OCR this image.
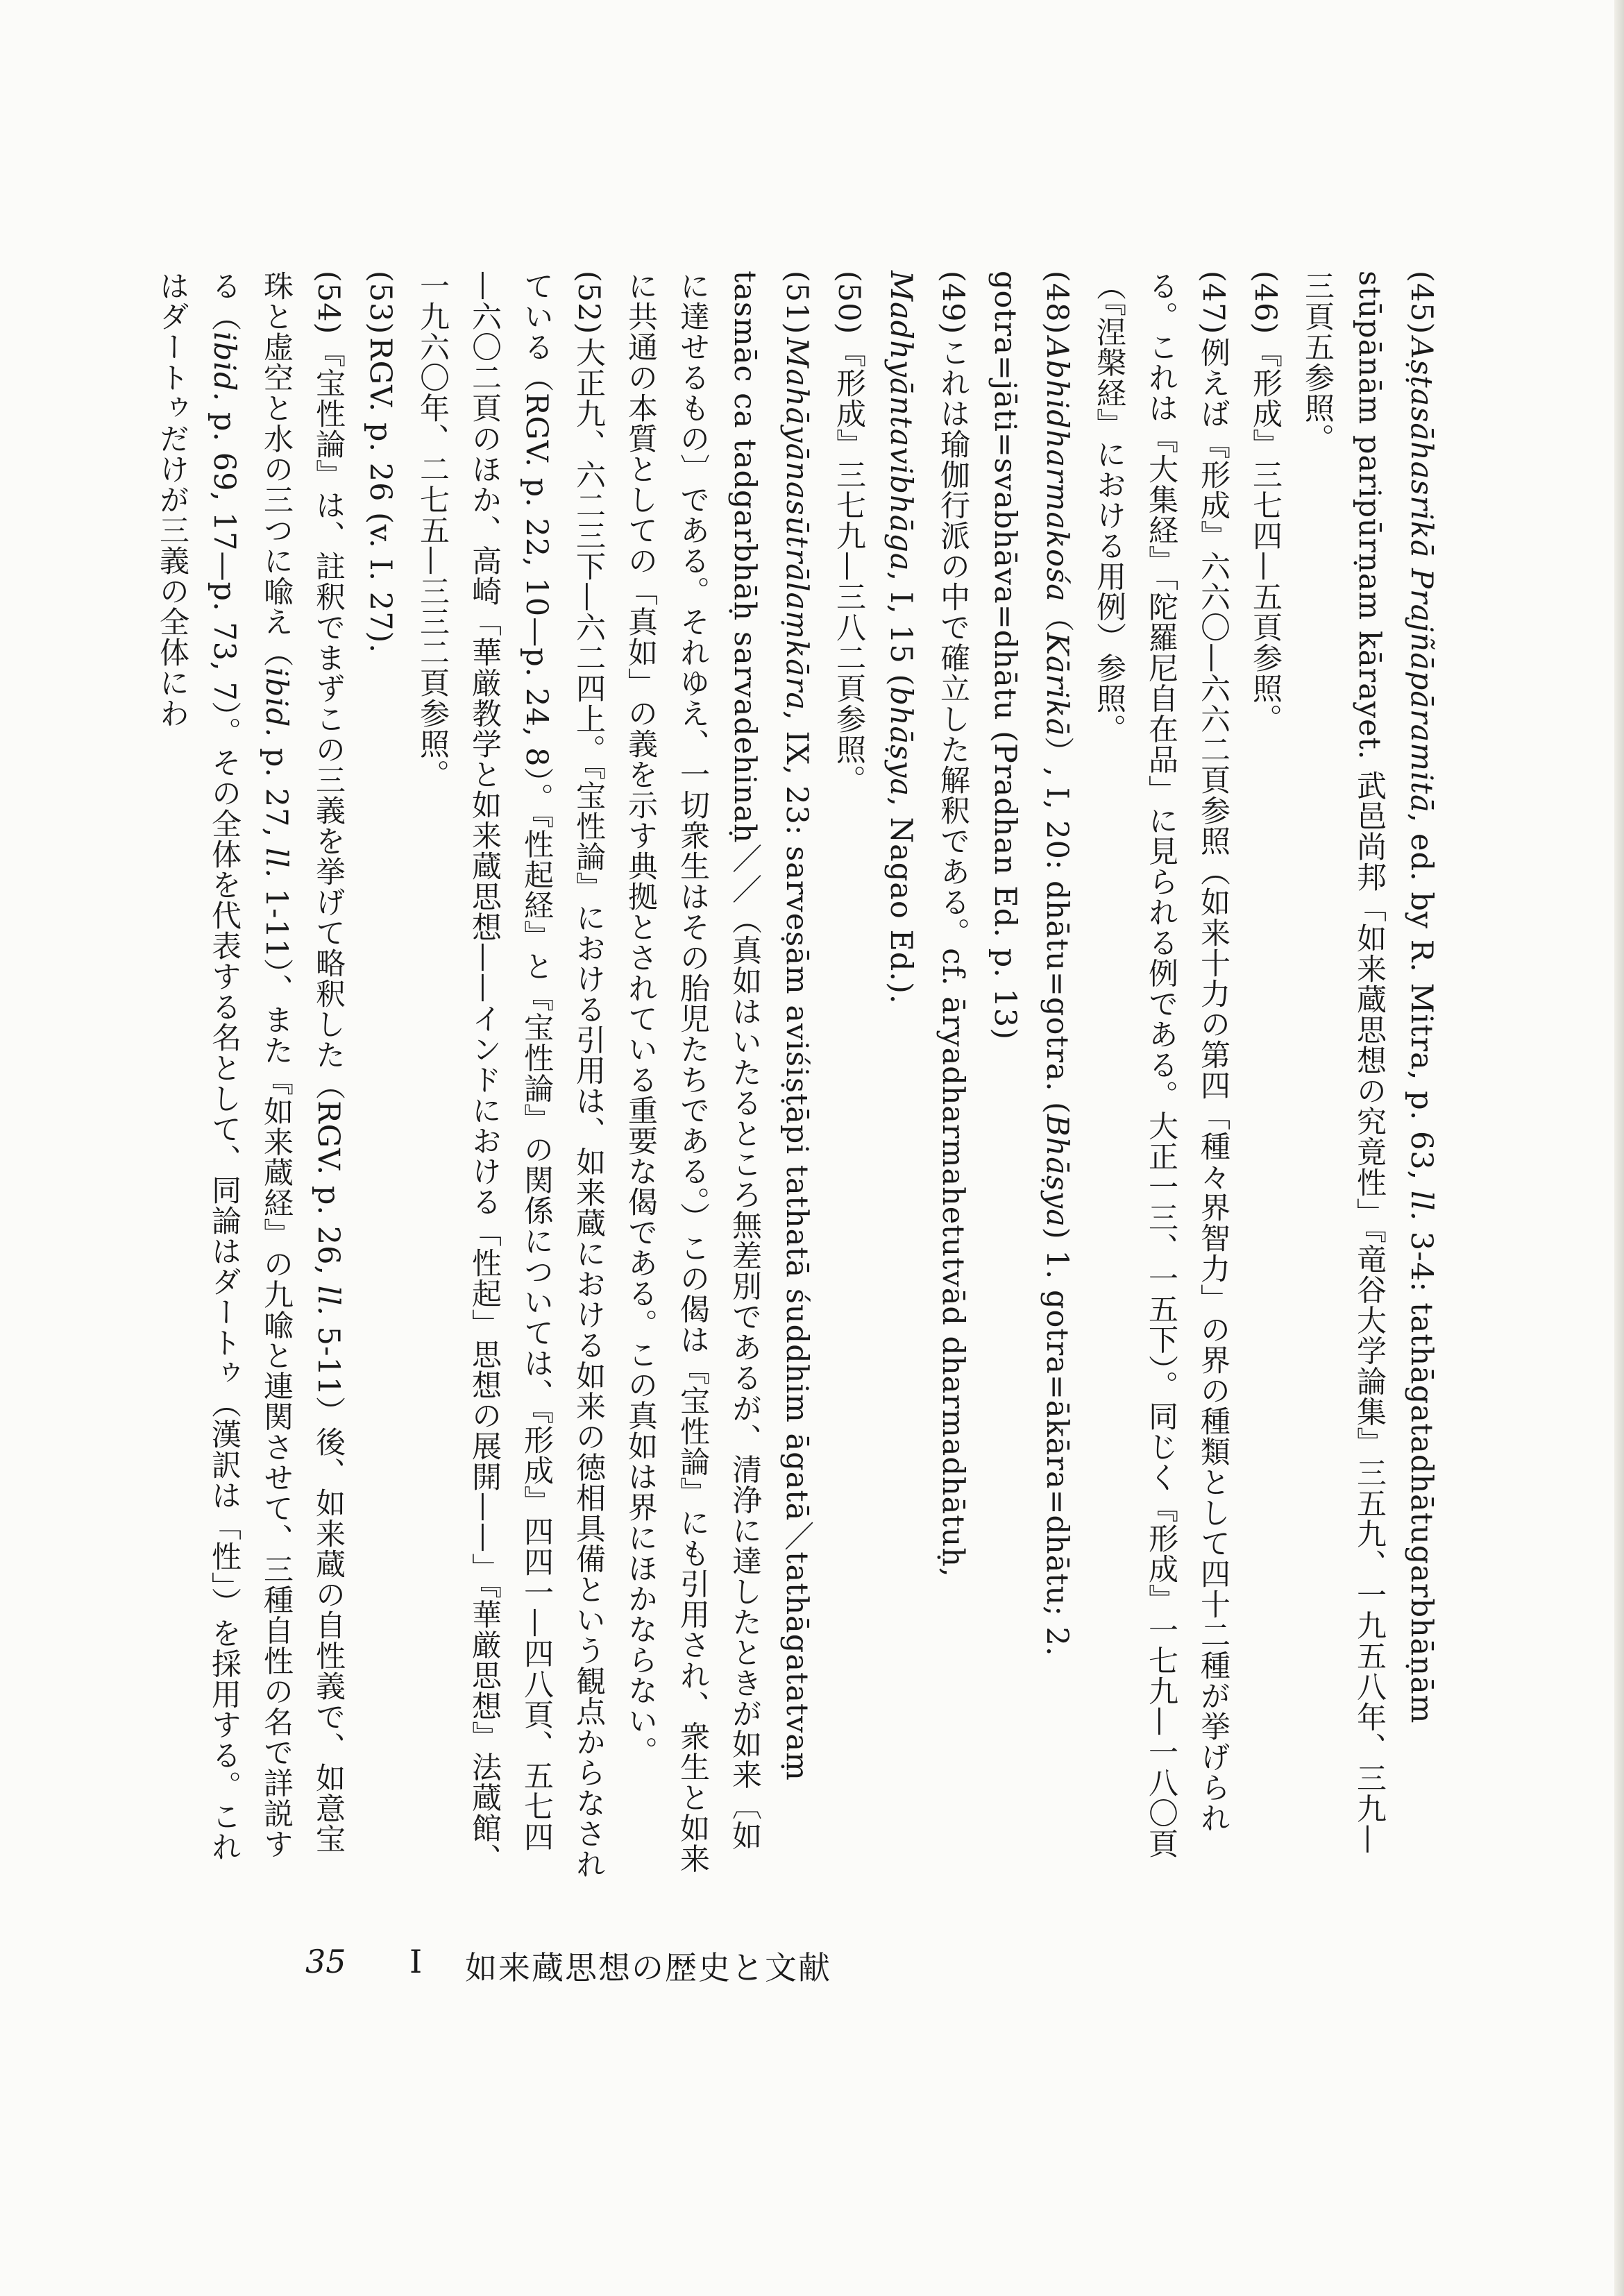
(45)Aṣṭasāhasrikā Prajñāpāramitā, ed. by R. Mitra, p. 63, ll. 3-4: tathāgatadhātugarbhāṇām stūpānām paripūrṇam kārayet. 武邑尚邦「如来蔵思想の究竟性」『竜谷大学論集』三五九、一九五八年、三九—三頁五参照。

(46)『形成』三七四—五頁参照。

(47)例えば『形成』六六〇—六六二頁参照（如来十力の第四「種々界智力」の界の種類として四十二種が挙げられる。これは『大集経』「陀羅尼自在品」に見られる例である。大正一三、一五下）。同じく『形成』一七九—一八〇頁（『涅槃経』における用例）参照。

(48)Abhidharmakośa（Kārikā）, I, 20: dhātu=gotra. (Bhāṣya) 1. gotra=ākāra=dhātu; 2. gotra=jāti=svabhāva=dhātu (Pradhan Ed. p. 13)

(49)これは瑜伽行派の中で確立した解釈である。cf. āryadharmahetutvād dharmadhātuḥ, Madhyāntavibhāga, I, 15 (bhāṣya, Nagao Ed.).

(50)『形成』三七九—三八二頁参照。

(51)Mahāyānasūtrālaṃkāra, IX, 23: sarveṣām aviśiṣṭāpi tathatā śuddhim āgatā／tathāgatatvaṃ tasmāc ca tadgarbhāḥ sarvadehinaḥ／／（真如はいたるところ無差別であるが、清浄に達したときが如来〔如に達せるもの〕である。それゆえ、一切衆生はその胎児たちである。）この偈は『宝性論』にも引用され、衆生と如来に共通の本質としての「真如」の義を示す典拠とされている重要な偈である。この真如は界にほかならない。

(52)大正九、六二三下—六二四上。『宝性論』における引用は、如来蔵における如来の徳相具備という観点からなされている（RGV. p. 22, 10—p. 24, 8）。『性起経』と『宝性論』の関係については、『形成』四四一—四八頁、五七四—六〇二頁のほか、高崎「華厳教学と如来蔵思想——インドにおける「性起」思想の展開——」『華厳思想』法蔵館、一九六〇年、二七五—三三二頁参照。

(53)RGV. p. 26 (v. I. 27).

(54)『宝性論』は、註釈でまずこの三義を挙げて略釈した（RGV. p. 26, ll. 5-11）後、如来蔵の自性義で、如意宝珠と虚空と水の三つに喩え（ibid. p. 27, ll. 1-11）、また『如来蔵経』の九喩と連関させて、三種自性の名で詳説する（ibid. p. 69, 17—p. 73, 7）。その全体を代表する名として、同論はダートゥ（漢訳は「性」）を採用する。これはダートゥだけが三義の全体にわ

35 I 如来蔵思想の歴史と文献
